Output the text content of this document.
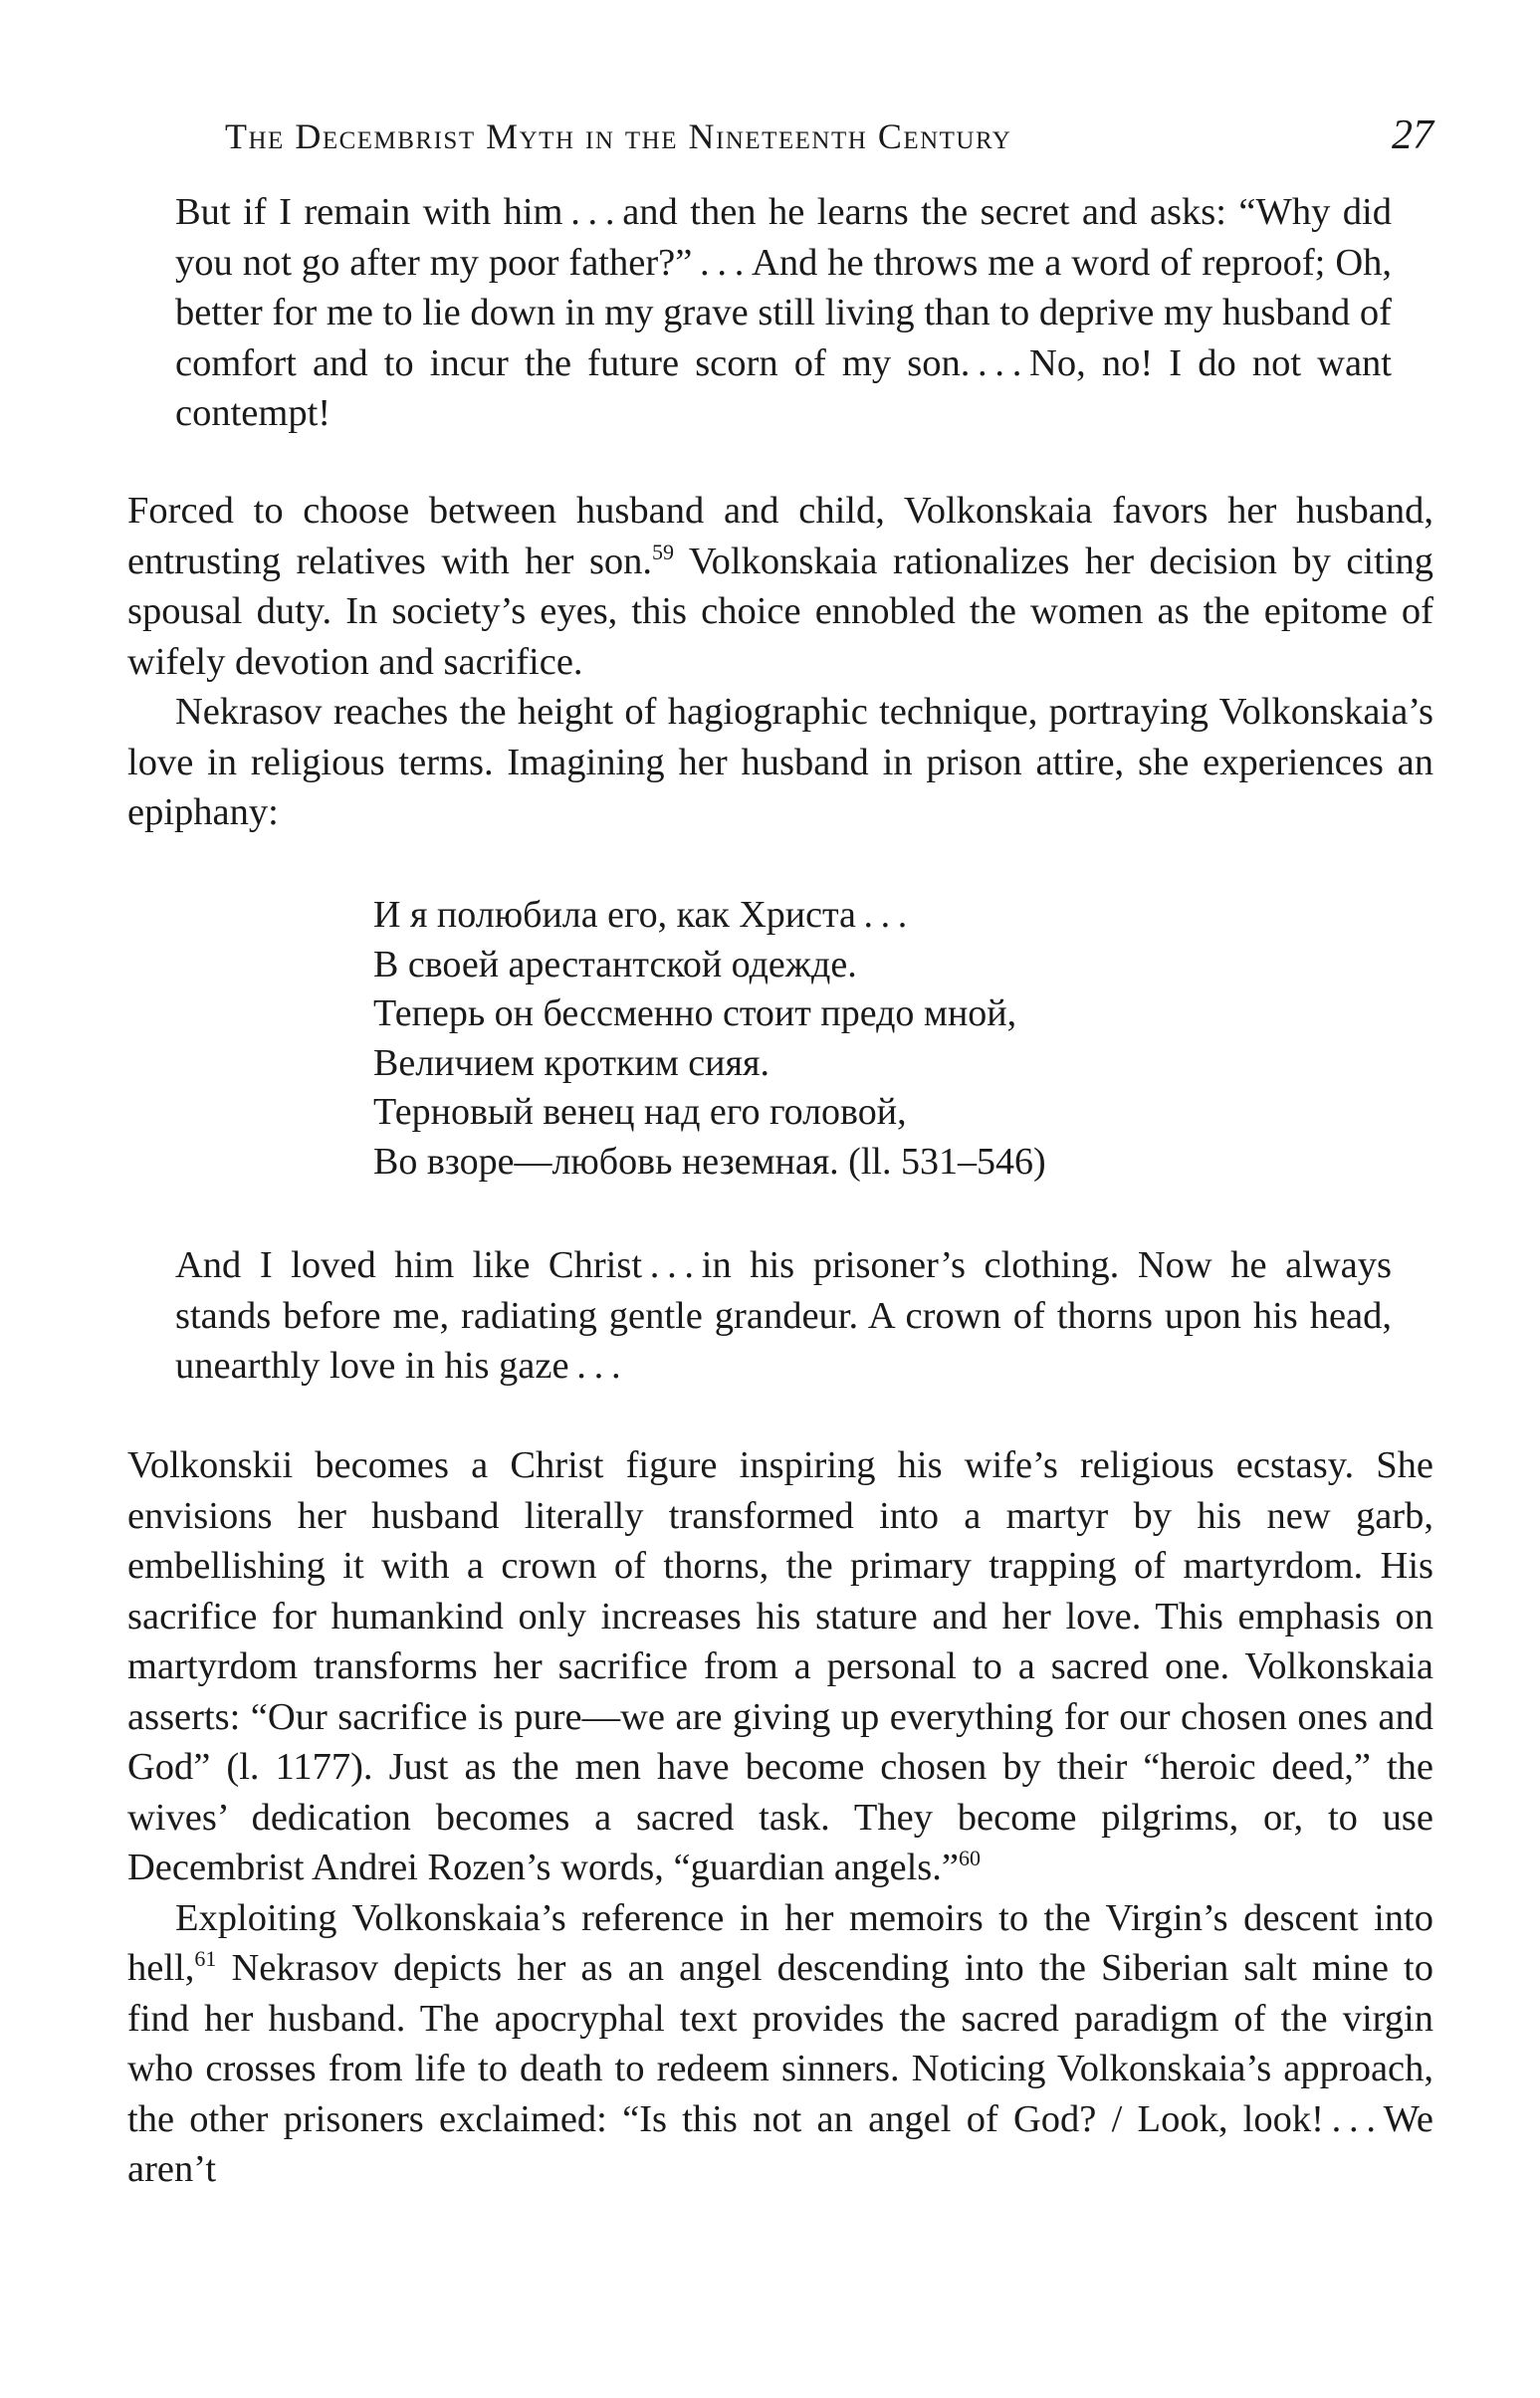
The Decembrist Myth in the Nineteenth Century	27

But if I remain with him . . . and then he learns the secret and asks: “Why did you not go after my poor father?” . . . And he throws me a word of reproof; Oh, better for me to lie down in my grave still living than to deprive my husband of comfort and to incur the future scorn of my son. . . . No, no! I do not want contempt!

Forced to choose between husband and child, Volkonskaia favors her husband, entrusting relatives with her son.$^{59}$ Volkonskaia rationalizes her decision by citing spousal duty. In society’s eyes, this choice ennobled the women as the epitome of wifely devotion and sacrifice.

Nekrasov reaches the height of hagiographic technique, portraying Volkonskaia’s love in religious terms. Imagining her husband in prison attire, she experiences an epiphany:

И я полюбила его, как Христа . . .
В своей арестантской одежде.
Теперь он бессменно стоит предо мной,
Величием кротким сияя.
Терновый венец над его головой,
Во взоре—любовь неземная. (ll. 531–546)

And I loved him like Christ . . . in his prisoner’s clothing. Now he always stands before me, radiating gentle grandeur. A crown of thorns upon his head, unearthly love in his gaze . . .

Volkonskii becomes a Christ figure inspiring his wife’s religious ecstasy. She envisions her husband literally transformed into a martyr by his new garb, embellishing it with a crown of thorns, the primary trapping of martyrdom. His sacrifice for humankind only increases his stature and her love. This emphasis on martyrdom transforms her sacrifice from a personal to a sacred one. Volkonskaia asserts: “Our sacrifice is pure—we are giving up everything for our chosen ones and God” (l. 1177). Just as the men have become chosen by their “heroic deed,” the wives’ dedication becomes a sacred task. They become pilgrims, or, to use Decembrist Andrei Rozen’s words, “guardian angels.”$^{60}$

Exploiting Volkonskaia’s reference in her memoirs to the Virgin’s descent into hell,$^{61}$ Nekrasov depicts her as an angel descending into the Siberian salt mine to find her husband. The apocryphal text provides the sacred paradigm of the virgin who crosses from life to death to redeem sinners. Noticing Volkonskaia’s approach, the other prisoners exclaimed: “Is this not an angel of God? / Look, look! . . . We aren’t
